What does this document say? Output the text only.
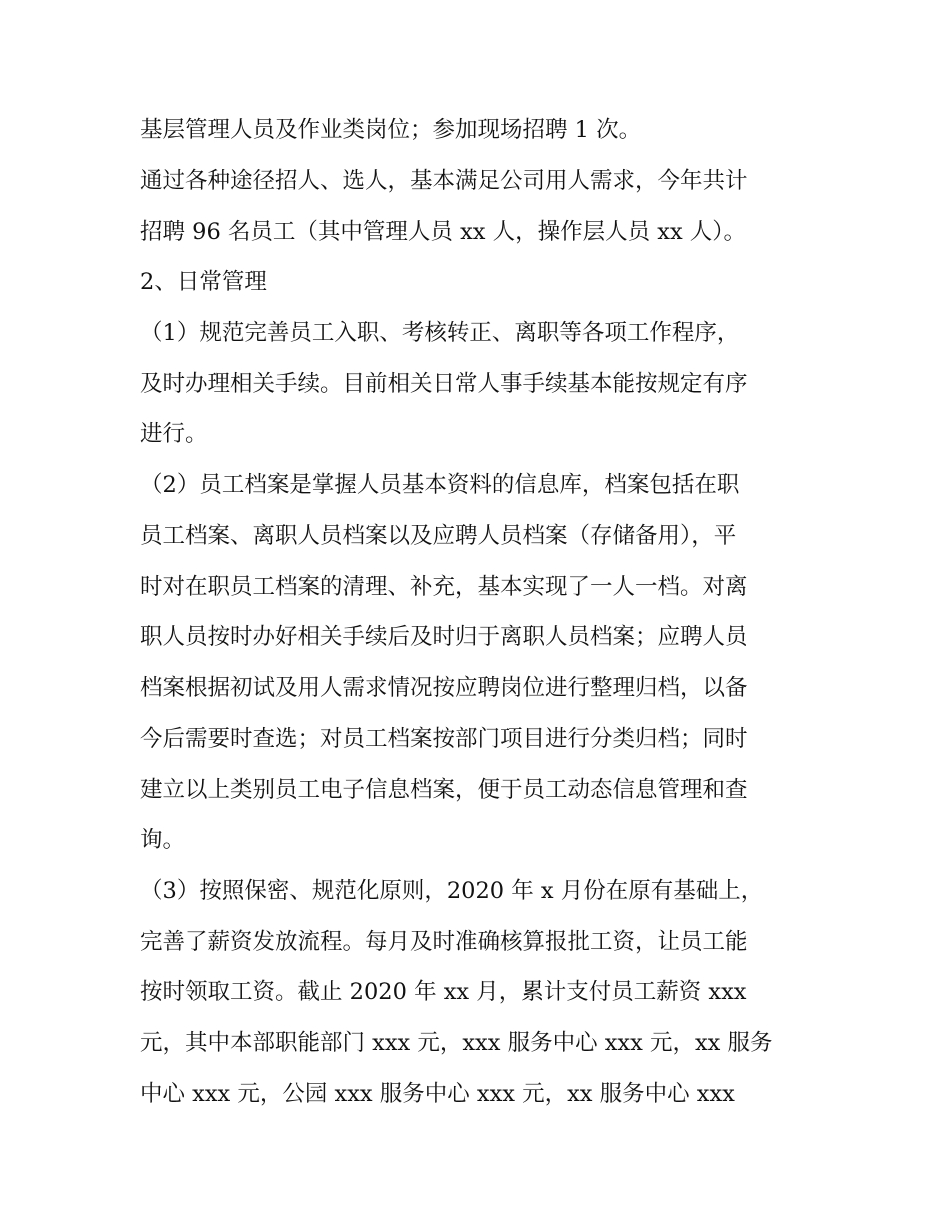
基层管理人员及作业类岗位；参加现场招聘 1 次。
通过各种途径招人、选人，基本满足公司用人需求，今年共计
招聘 96 名员工（其中管理人员 xx 人，操作层人员 xx 人）。
2、日常管理
（1）规范完善员工入职、考核转正、离职等各项工作程序，
及时办理相关手续。目前相关日常人事手续基本能按规定有序
进行。
（2）员工档案是掌握人员基本资料的信息库，档案包括在职
员工档案、离职人员档案以及应聘人员档案（存储备用），平
时对在职员工档案的清理、补充，基本实现了一人一档。对离
职人员按时办好相关手续后及时归于离职人员档案；应聘人员
档案根据初试及用人需求情况按应聘岗位进行整理归档，以备
今后需要时查选；对员工档案按部门项目进行分类归档；同时
建立以上类别员工电子信息档案，便于员工动态信息管理和查
询。
（3）按照保密、规范化原则，2020 年 x 月份在原有基础上，
完善了薪资发放流程。每月及时准确核算报批工资，让员工能
按时领取工资。截止 2020 年 xx 月，累计支付员工薪资 xxx
元，其中本部职能部门 xxx 元，xxx 服务中心 xxx 元，xx 服务
中心 xxx 元，公园 xxx 服务中心 xxx 元，xx 服务中心 xxx
